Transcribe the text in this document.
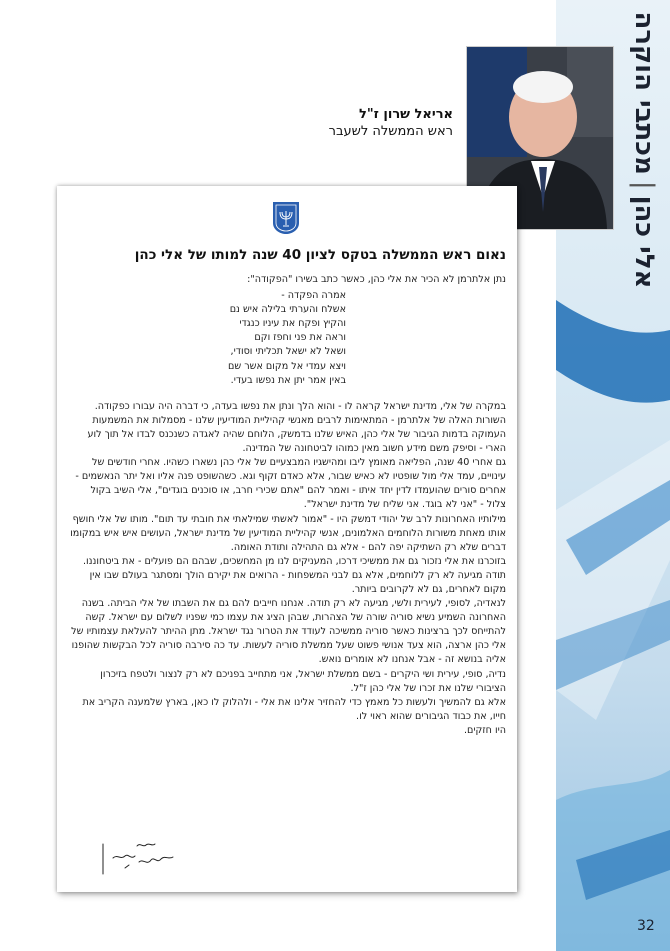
אלי כהן|מכתבי הוקרה
אריאל שרון ז"ל
ראש הממשלה לשעבר
נאום ראש הממשלה בטקס לציון 40 שנה למותו של אלי כהן

נתן אלתרמן לא הכיר את אלי כהן, כאשר כתב בשירו "הפקודה":

אמרה הפקדה -

אשלח והערתי בלילה איש נם

והקיץ ופקח את עיניו כנגדי

וראה את פני וחפז וקם

ושאל לא ישאל תכליתי וסודי,

ויצא עמדי אל מקום אשר שם

באין אמר יתן את נפשו בעדי.

במקרה של אלי, מדינת ישראל קראה לו - והוא הלך ונתן את נפשו בעדה, כי דברה היה עבורו כפקודה.

השורות האלה של אלתרמן - המתאימות לרבים מאנשי קהיליית המודיעין שלנו - מסמלות את המשמעות העמוקה בדמות הגיבור של אלי כהן, האיש שלנו בדמשק, הלוחם שהיה לאגדה כשנכנס לבדו אל תוך לוע הארי - וסיפק משם מידע חשוב מאין כמוהו לביטחונה של המדינה.

גם אחרי 40 שנה, הפליאה מאומץ ליבו ומהישגיו המבצעיים של אלי כהן נשארו כשהיו. אחרי חודשים של עינויים, עמד אלי מול שופטיו לא כאיש שבור, אלא כאדם זקוף וגא. כשהשופט פנה אליו ואל יתר הנאשמים - אחרים סורים שהועמדו לדין יחד איתו - ואמר להם "אתם שכירי חרב, או סוכנים בוגדים", אלי השיב בקול צלול - "אני לא בוגד. אני שליח של מדינת ישראל".

מילותיו האחרונות לרב של יהודי דמשק היו - "אמור לאשתי שמילאתי את חובתי עד תום". מותו של אלי חושף אותו מאחת משורות הלוחמים האלמונים, אנשי קהיליית המודיעין של מדינת ישראל, העושים איש איש במקומו דברים שלא רק השתיקה יפה להם - אלא גם התהילה ותודת האומה.

בזוכרנו את אלי נזכור גם את ממשיכי דרכו, המעניקים לנו מן המחשכים, שבהם הם פועלים - את ביטחוננו.

תודה מגיעה לא רק ללוחמים, אלא גם לבני המשפחות - הרואים את יקירם הולך ומסתגר בעולם שבו אין מקום לאחרים, גם לא לקרובים ביותר.

לנאדיה, לסופי, לעירית ולשי, מגיעה לא רק תודה. אנחנו חייבים להם גם את השבתו של אלי הביתה. בשנה האחרונה השמיע נשיא סוריה שורה של הצהרות, שבהן הציג את עצמו כמי שפניו לשלום עם ישראל. קשה להתייחס לכך ברצינות כאשר סוריה ממשיכה לעודד את הטרור נגד ישראל. מתן ההיתר להעלאת עצמותיו של אלי כהן ארצה, הוא צעד אנושי פשוט שעל ממשלת סוריה לעשות. עד כה סירבה סוריה לכל הבקשות שהופנו אליה בנושא זה - אבל אנחנו לא אומרים נואש.

נדיה, סופי, עירית ושי היקרים - בשם ממשלת ישראל, אני מתחייב בפניכם לא רק לנצור ולטפח בזיכרון הציבורי שלנו את זכרו של אלי כהן ז"ל.

אלא גם להמשיך ולעשות כל מאמץ כדי להחזיר אלינו את אלי - ולהלוק לו כאן, בארץ שלמענה הקריב את חייו, את כבוד הגיבורים שהוא ראוי לו.

היו חזקים.

32
